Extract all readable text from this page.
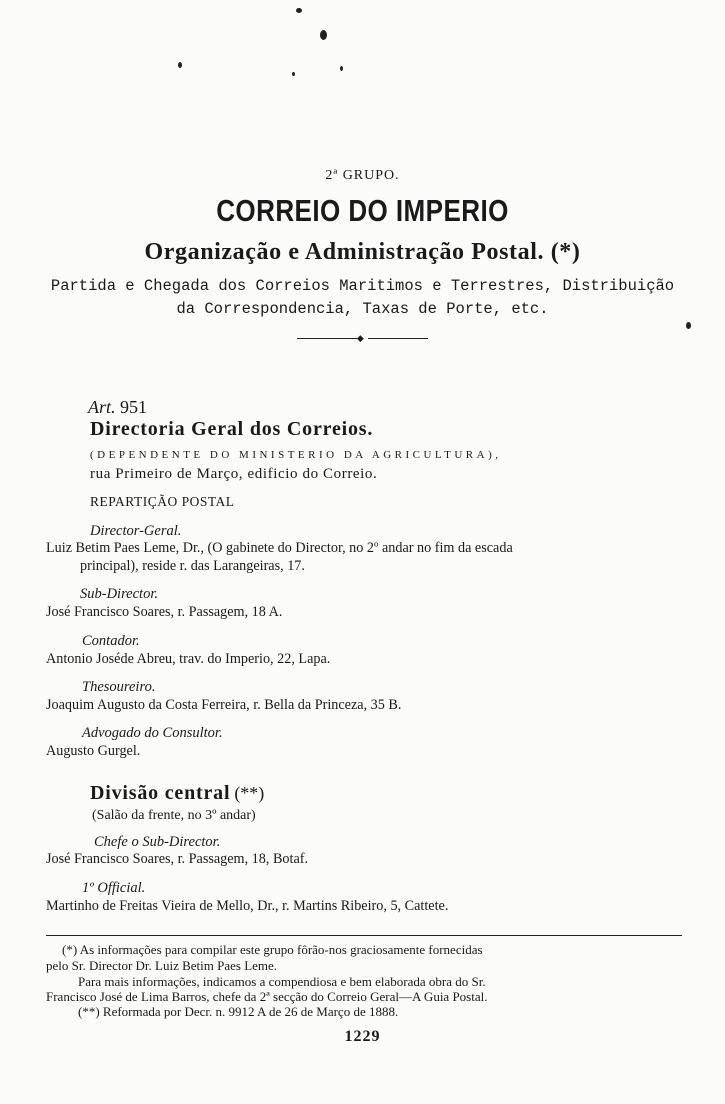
2ª GRUPO.
CORREIO DO IMPERIO
Organização e Administração Postal. (*)
Partida e Chegada dos Correios Maritimos e Terrestres, Distribuição
da Correspondencia, Taxas de Porte, etc.
◆
Art. 951
Directoria Geral dos Correios.
(DEPENDENTE DO MINISTERIO DA AGRICULTURA),
rua Primeiro de Março, edificio do Correio.
REPARTIÇÃO POSTAL
Director-Geral.
Luiz Betim Paes Leme, Dr., (O gabinete do Director, no 2º andar no fim da escada
principal), reside r. das Larangeiras, 17.
Sub-Director.
José Francisco Soares, r. Passagem, 18 A.
Contador.
Antonio Joséde Abreu, trav. do Imperio, 22, Lapa.
Thesoureiro.
Joaquim Augusto da Costa Ferreira, r. Bella da Princeza, 35 B.
Advogado do Consultor.
Augusto Gurgel.
Divisão central (**)
(Salão da frente, no 3º andar)
Chefe o Sub-Director.
José Francisco Soares, r. Passagem, 18, Botaf.
1º Official.
Martinho de Freitas Vieira de Mello, Dr., r. Martins Ribeiro, 5, Cattete.
(*) As informações para compilar este grupo fôrão-nos graciosamente fornecidas
pelo Sr. Director Dr. Luiz Betim Paes Leme.
Para mais informações, indicamos a compendiosa e bem elaborada obra do Sr.
Francisco José de Lima Barros, chefe da 2ª secção do Correio Geral—A Guia Postal.
(**) Reformada por Decr. n. 9912 A de 26 de Março de 1888.
1229
